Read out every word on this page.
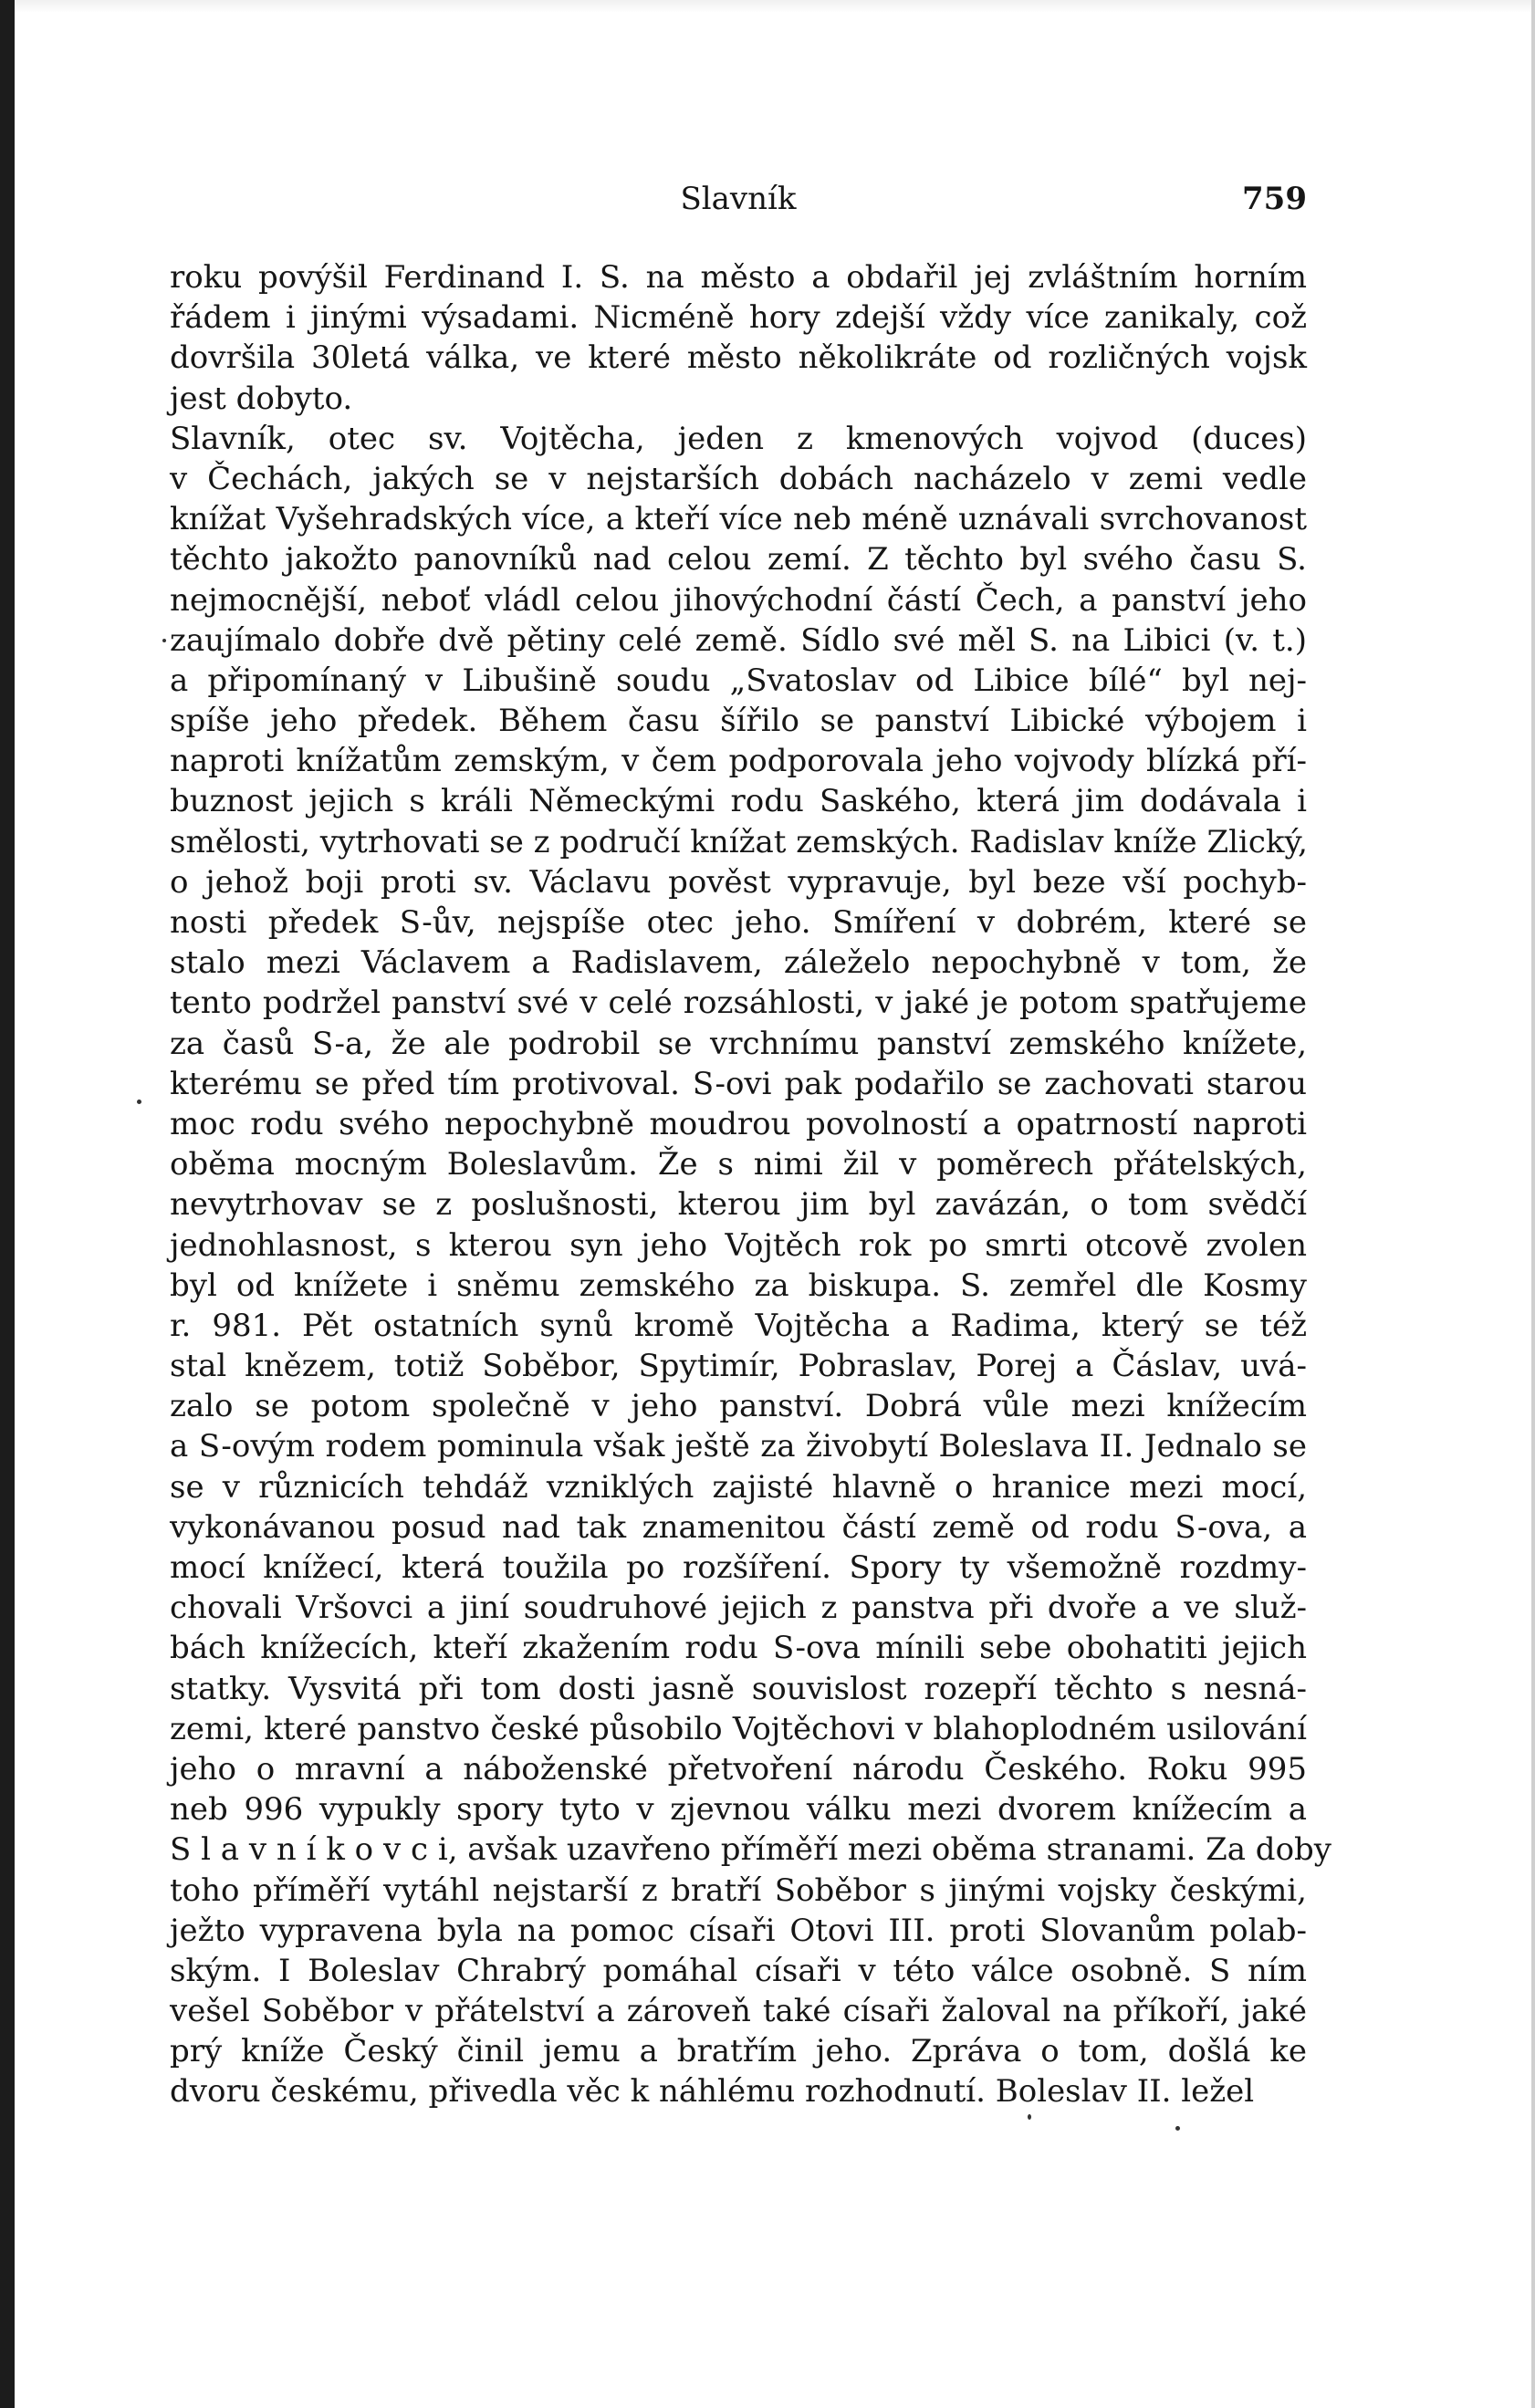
Slavník	759
roku povýšil Ferdinand I. S. na město a obdařil jej zvláštním horním
řádem i jinými výsadami. Nicméně hory zdejší vždy více zanikaly, což
dovršila 30letá válka, ve které město několikráte od rozličných vojsk
jest dobyto.
Slavník, otec sv. Vojtěcha, jeden z kmenových vojvod (duces)
v Čechách, jakých se v nejstarších dobách nacházelo v zemi vedle
knížat Vyšehradských více, a kteří více neb méně uznávali svrchovanost
těchto jakožto panovníků nad celou zemí. Z těchto byl svého času S.
nejmocnější, neboť vládl celou jihovýchodní částí Čech, a panství jeho
zaujímalo dobře dvě pětiny celé země. Sídlo své měl S. na Libici (v. t.)
a připomínaný v Libušině soudu „Svatoslav od Libice bílé“ byl nej-
spíše jeho předek. Během času šířilo se panství Libické výbojem i
naproti knížatům zemským, v čem podporovala jeho vojvody blízká pří-
buznost jejich s králi Německými rodu Saského, která jim dodávala i
smělosti, vytrhovati se z područí knížat zemských. Radislav kníže Zlický,
o jehož boji proti sv. Václavu pověst vypravuje, byl beze vší pochyb-
nosti předek S-ův, nejspíše otec jeho. Smíření v dobrém, které se
stalo mezi Václavem a Radislavem, záleželo nepochybně v tom, že
tento podržel panství své v celé rozsáhlosti, v jaké je potom spatřujeme
za časů S-a, že ale podrobil se vrchnímu panství zemského knížete,
kterému se před tím protivoval. S-ovi pak podařilo se zachovati starou
moc rodu svého nepochybně moudrou povolností a opatrností naproti
oběma mocným Boleslavům. Že s nimi žil v poměrech přátelských,
nevytrhovav se z poslušnosti, kterou jim byl zavázán, o tom svědčí
jednohlasnost, s kterou syn jeho Vojtěch rok po smrti otcově zvolen
byl od knížete i sněmu zemského za biskupa. S. zemřel dle Kosmy
r. 981. Pět ostatních synů kromě Vojtěcha a Radima, který se též
stal knězem, totiž Soběbor, Spytimír, Pobraslav, Porej a Čáslav, uvá-
zalo se potom společně v jeho panství. Dobrá vůle mezi knížecím
a S-ovým rodem pominula však ještě za živobytí Boleslava II. Jednalo se
se v různicích tehdáž vzniklých zajisté hlavně o hranice mezi mocí,
vykonávanou posud nad tak znamenitou částí země od rodu S-ova, a
mocí knížecí, která toužila po rozšíření. Spory ty všemožně rozdmy-
chovali Vršovci a jiní soudruhové jejich z panstva při dvoře a ve služ-
bách knížecích, kteří zkažením rodu S-ova mínili sebe obohatiti jejich
statky. Vysvitá při tom dosti jasně souvislost rozepří těchto s nesná-
zemi, které panstvo české působilo Vojtěchovi v blahoplodném usilování
jeho o mravní a náboženské přetvoření národu Českého. Roku 995
neb 996 vypukly spory tyto v zjevnou válku mezi dvorem knížecím a
S l a v n í k o v c i, avšak uzavřeno příměří mezi oběma stranami. Za doby
toho příměří vytáhl nejstarší z bratří Soběbor s jinými vojsky českými,
ježto vypravena byla na pomoc císaři Otovi III. proti Slovanům polab-
ským. I Boleslav Chrabrý pomáhal císaři v této válce osobně. S ním
vešel Soběbor v přátelství a zároveň také císaři žaloval na příkoří, jaké
prý kníže Český činil jemu a bratřím jeho. Zpráva o tom, došlá ke
dvoru českému, přivedla věc k náhlému rozhodnutí. Boleslav II. ležel
